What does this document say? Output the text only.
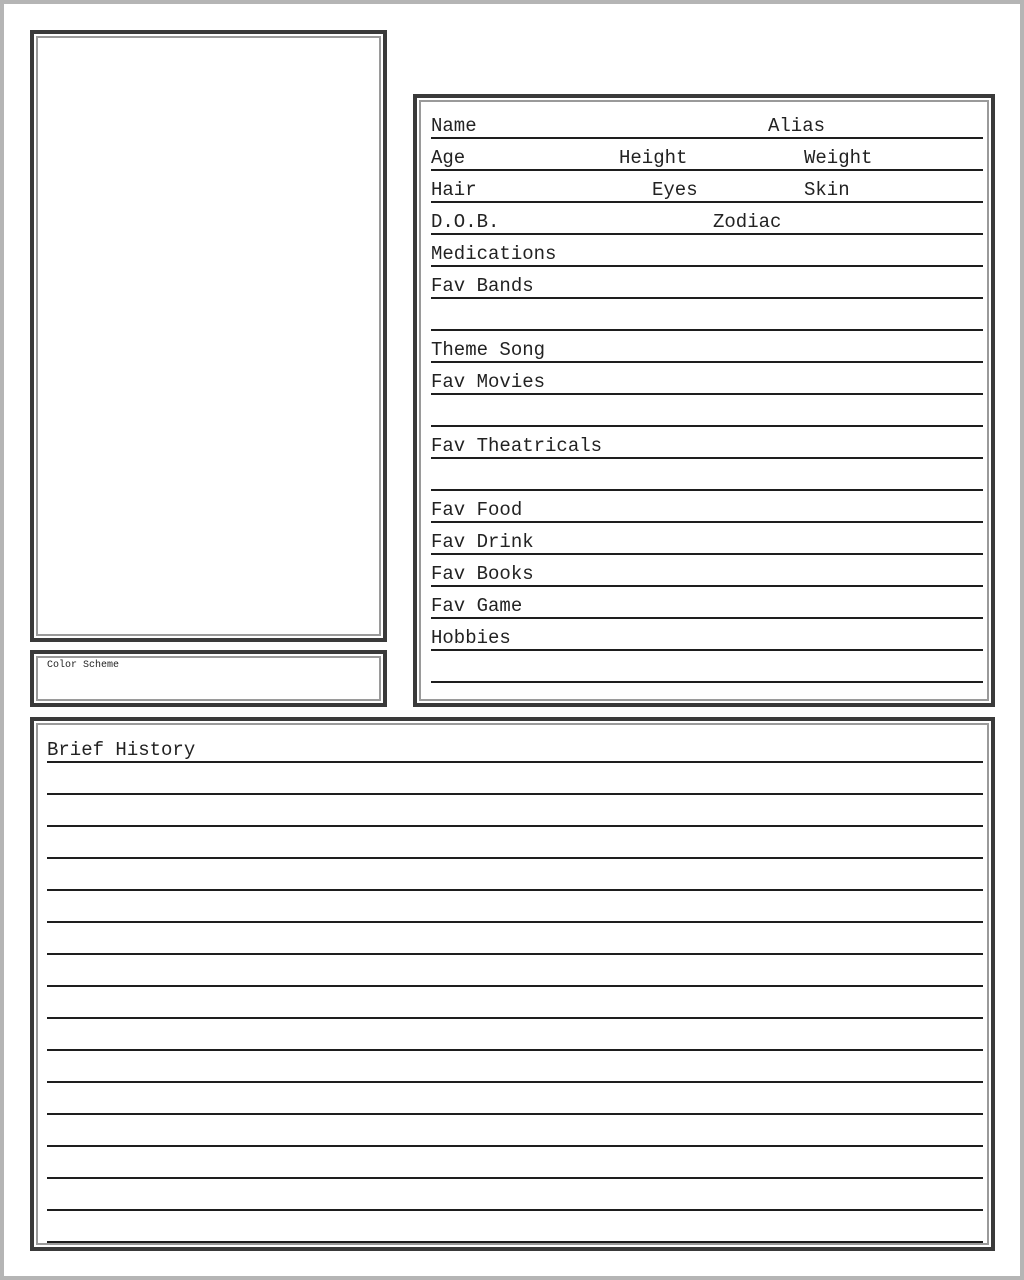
Color Scheme
Name	Alias
Age	Height	Weight
Hair	Eyes	Skin
D.O.B.	Zodiac
Medications
Fav Bands
Theme Song
Fav Movies
Fav Theatricals
Fav Food
Fav Drink
Fav Books
Fav Game
Hobbies
Brief History
